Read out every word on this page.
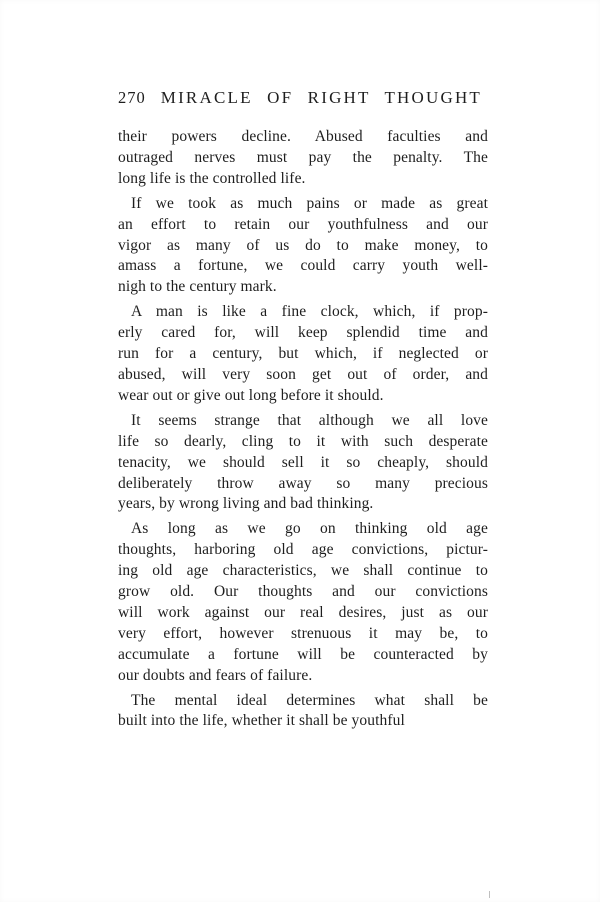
270 MIRACLE OF RIGHT THOUGHT
their powers decline. Abused faculties and
outraged nerves must pay the penalty. The
long life is the controlled life.
If we took as much pains or made as great
an effort to retain our youthfulness and our
vigor as many of us do to make money, to
amass a fortune, we could carry youth well-
nigh to the century mark.
A man is like a fine clock, which, if prop-
erly cared for, will keep splendid time and
run for a century, but which, if neglected or
abused, will very soon get out of order, and
wear out or give out long before it should.
It seems strange that although we all love
life so dearly, cling to it with such desperate
tenacity, we should sell it so cheaply, should
deliberately throw away so many precious
years, by wrong living and bad thinking.
As long as we go on thinking old age
thoughts, harboring old age convictions, pictur-
ing old age characteristics, we shall continue to
grow old. Our thoughts and our convictions
will work against our real desires, just as our
very effort, however strenuous it may be, to
accumulate a fortune will be counteracted by
our doubts and fears of failure.
The mental ideal determines what shall be
built into the life, whether it shall be youthful
